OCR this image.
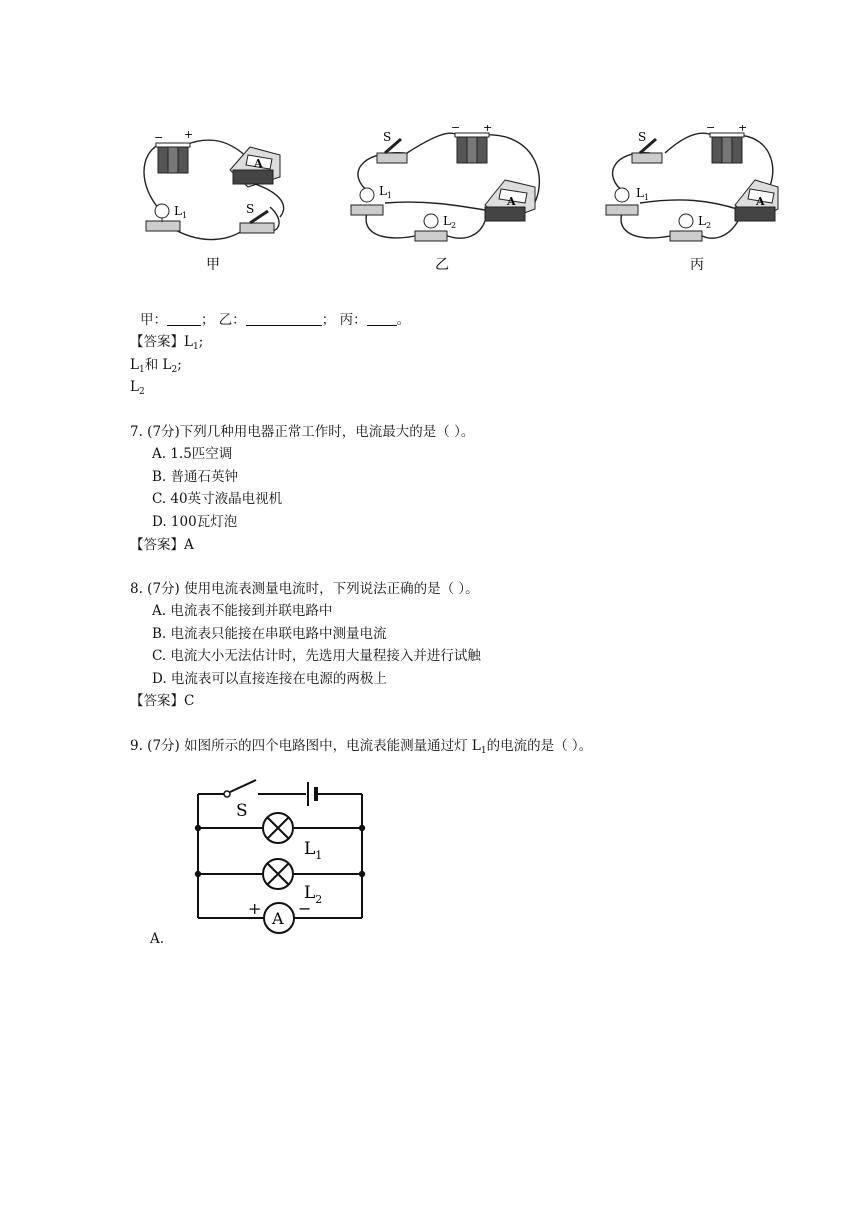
− +
A
$L_1$	S
甲
− +
S
$L_1$
$L_2$
A
乙
− +
S
$L_1$
$L_2$
A
丙
甲：	； 乙：	； 丙： 。
【答案】$L_1$;
$L_1$和 $L_2$;
$L_2$
7. (7分)下列几种用电器正常工作时，电流最大的是（ ）。
A. 1.5匹空调
B. 普通石英钟
C. 40英寸液晶电视机
D. 100瓦灯泡
【答案】A
8. (7分) 使用电流表测量电流时，下列说法正确的是（ ）。
A. 电流表不能接到并联电路中
B. 电流表只能接在串联电路中测量电流
C. 电流大小无法估计时，先选用大量程接入并进行试触
D. 电流表可以直接连接在电源的两极上
【答案】C
9. (7分) 如图所示的四个电路图中，电流表能测量通过灯 $L_1$的电流的是（ ）。
S
$L_1$
$L_2$
A
+ −
A.
